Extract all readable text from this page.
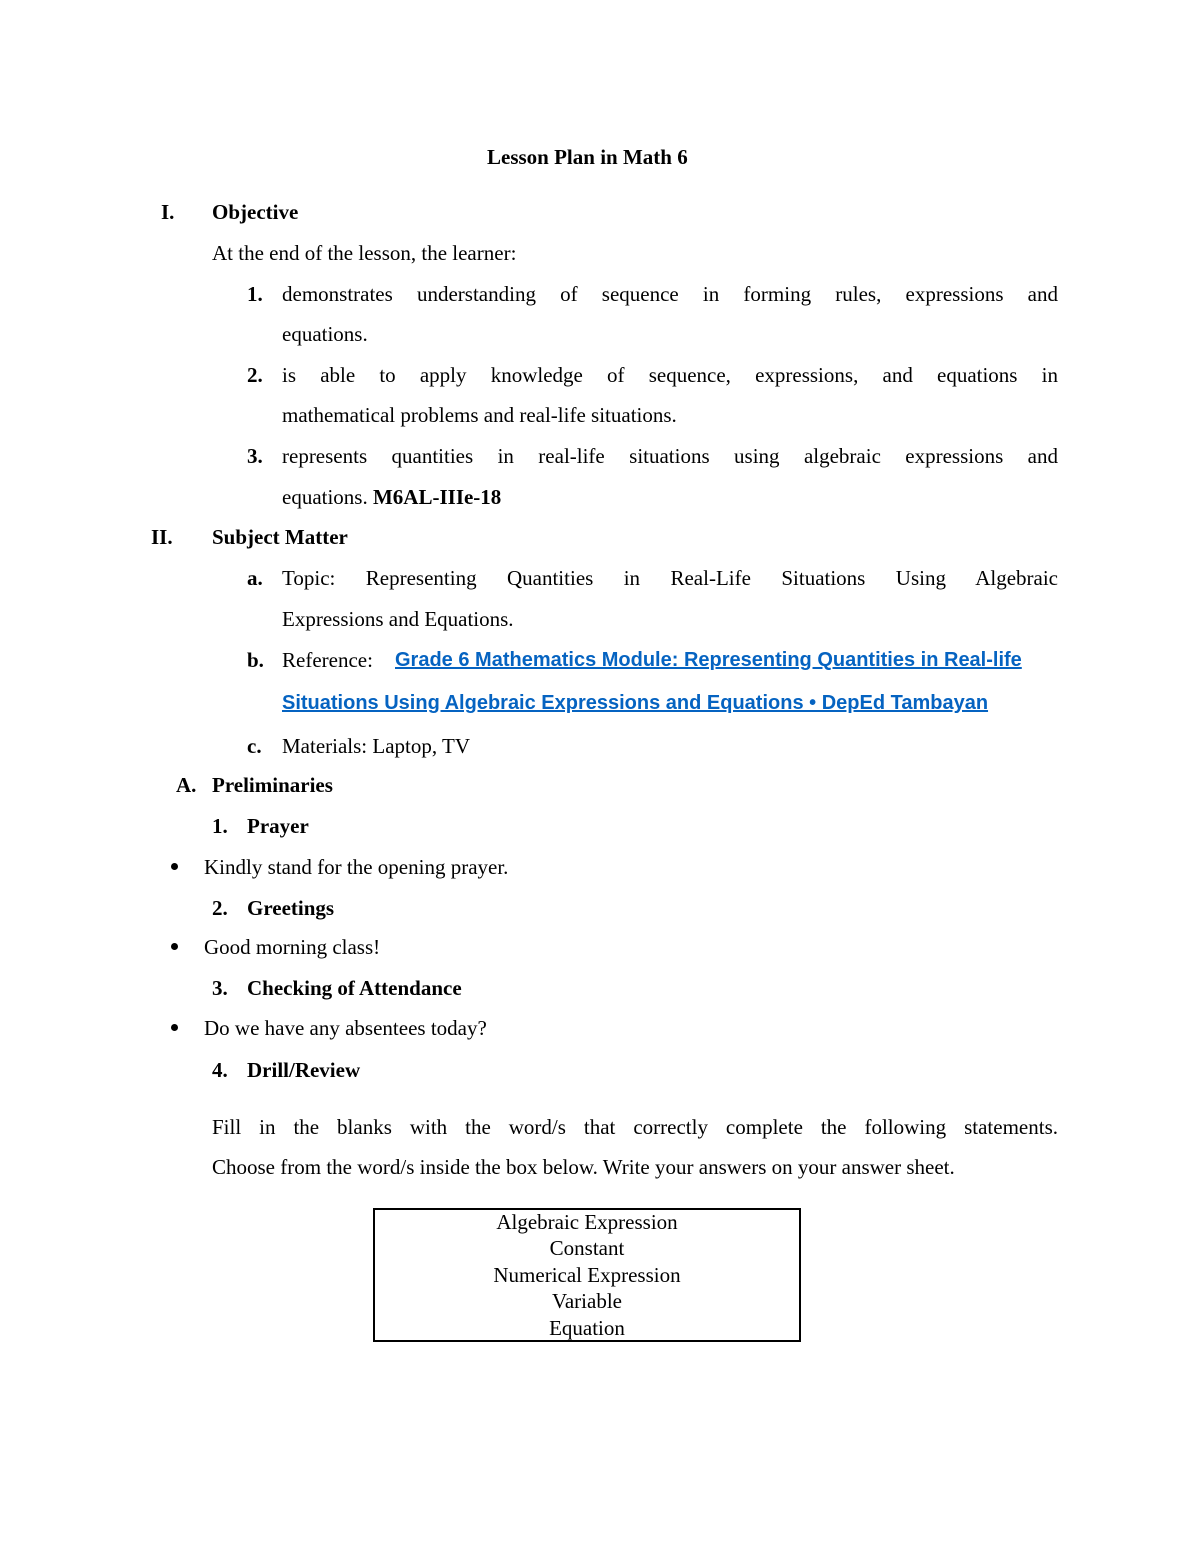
Lesson Plan in Math 6
I. Objective
At the end of the lesson, the learner:
1. demonstrates understanding of sequence in forming rules, expressions and
equations.
2. is able to apply knowledge of sequence, expressions, and equations in
mathematical problems and real-life situations.
3. represents quantities in real-life situations using algebraic expressions and
equations. M6AL-IIIe-18
II. Subject Matter
a. Topic: Representing Quantities in Real-Life Situations Using Algebraic
Expressions and Equations.
b. Reference: Grade 6 Mathematics Module: Representing Quantities in Real-life
Situations Using Algebraic Expressions and Equations • DepEd Tambayan
c. Materials: Laptop, TV
A. Preliminaries
1. Prayer
Kindly stand for the opening prayer.
2. Greetings
Good morning class!
3. Checking of Attendance
Do we have any absentees today?
4. Drill/Review
Fill in the blanks with the word/s that correctly complete the following statements.
Choose from the word/s inside the box below. Write your answers on your answer sheet.
Algebraic Expression
Constant
Numerical Expression
Variable
Equation
